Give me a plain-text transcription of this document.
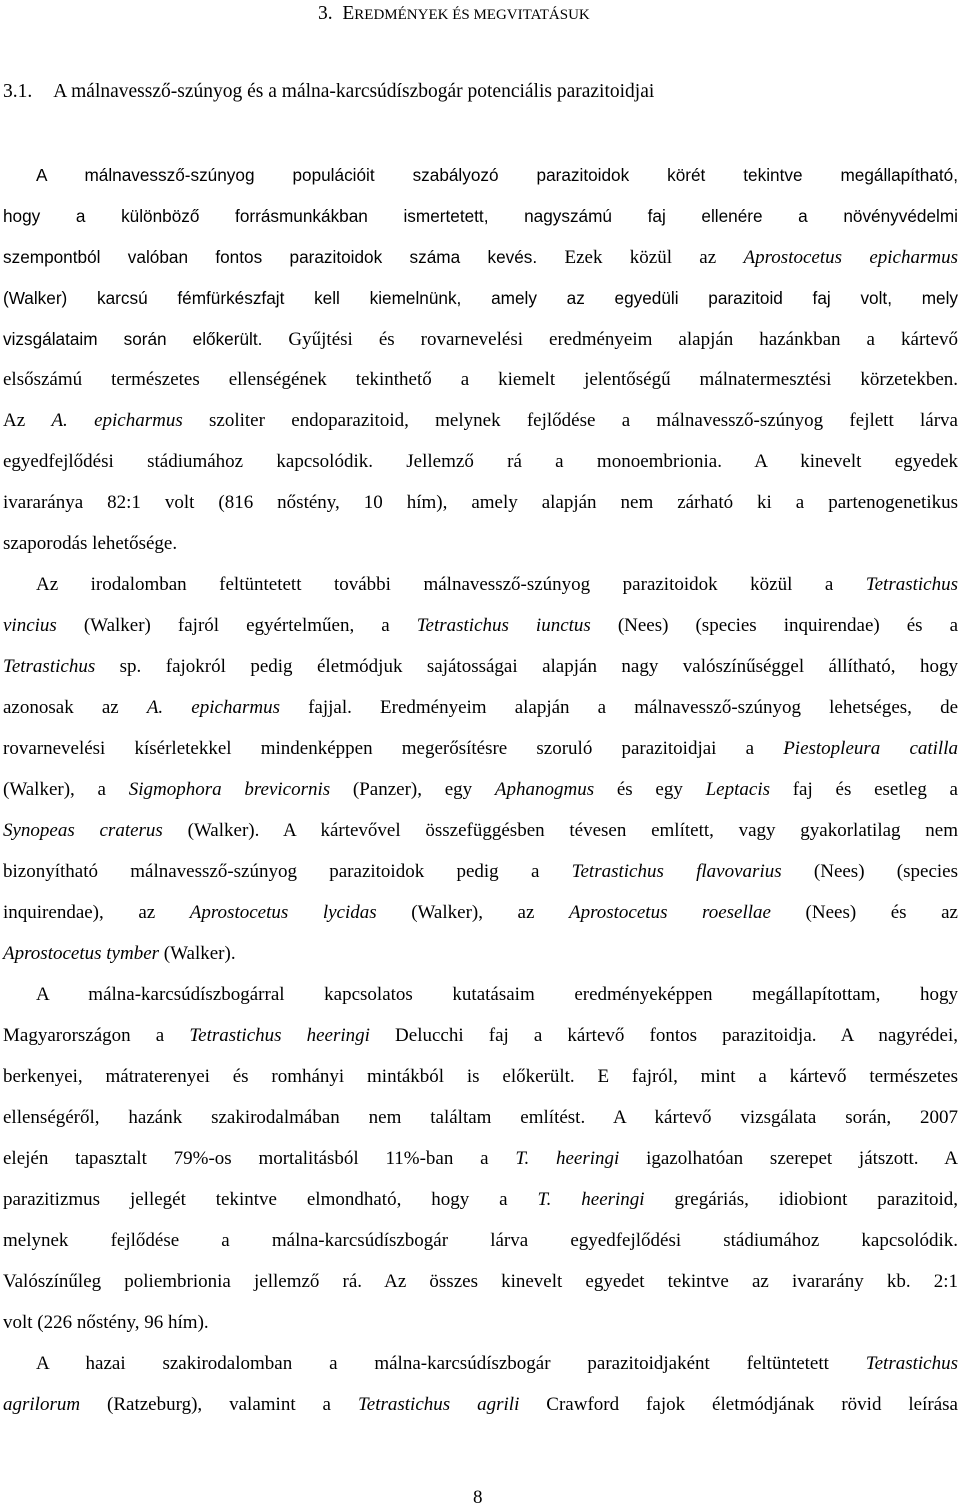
3. EREDMÉNYEK ÉS MEGVITATÁSUK
3.1. A málnavessző-szúnyog és a málna-karcsúdíszbogár potenciális parazitoidjai
A málnavessző-szúnyog populációit szabályozó parazitoidok körét tekintve megállapítható,
hogy a különböző forrásmunkákban ismertetett, nagyszámú faj ellenére a növényvédelmi
szempontból valóban fontos parazitoidok száma kevés. Ezek közül az Aprostocetus epicharmus
(Walker) karcsú fémfürkészfajt kell kiemelnünk, amely az egyedüli parazitoid faj volt, mely
vizsgálataim során előkerült. Gyűjtési és rovarnevelési eredményeim alapján hazánkban a kártevő
elsőszámú természetes ellenségének tekinthető a kiemelt jelentőségű málnatermesztési körzetekben.
Az A. epicharmus szoliter endoparazitoid, melynek fejlődése a málnavessző-szúnyog fejlett lárva
egyedfejlődési stádiumához kapcsolódik. Jellemző rá a monoembrionia. A kinevelt egyedek
ivararánya 82:1 volt (816 nőstény, 10 hím), amely alapján nem zárható ki a partenogenetikus
szaporodás lehetősége.
Az irodalomban feltüntetett további málnavessző-szúnyog parazitoidok közül a Tetrastichus
vincius (Walker) fajról egyértelműen, a Tetrastichus iunctus (Nees) (species inquirendae) és a
Tetrastichus sp. fajokról pedig életmódjuk sajátosságai alapján nagy valószínűséggel állítható, hogy
azonosak az A. epicharmus fajjal. Eredményeim alapján a málnavessző-szúnyog lehetséges, de
rovarnevelési kísérletekkel mindenképpen megerősítésre szoruló parazitoidjai a Piestopleura catilla
(Walker), a Sigmophora brevicornis (Panzer), egy Aphanogmus és egy Leptacis faj és esetleg a
Synopeas craterus (Walker). A kártevővel összefüggésben tévesen említett, vagy gyakorlatilag nem
bizonyítható málnavessző-szúnyog parazitoidok pedig a Tetrastichus flavovarius (Nees) (species
inquirendae), az Aprostocetus lycidas (Walker), az Aprostocetus roesellae (Nees) és az
Aprostocetus tymber (Walker).
A málna-karcsúdíszbogárral kapcsolatos kutatásaim eredményeképpen megállapítottam, hogy
Magyarországon a Tetrastichus heeringi Delucchi faj a kártevő fontos parazitoidja. A nagyrédei,
berkenyei, mátraterenyei és romhányi mintákból is előkerült. E fajról, mint a kártevő természetes
ellenségéről, hazánk szakirodalmában nem találtam említést. A kártevő vizsgálata során, 2007
elején tapasztalt 79%-os mortalitásból 11%-ban a T. heeringi igazolhatóan szerepet játszott. A
parazitizmus jellegét tekintve elmondható, hogy a T. heeringi gregáriás, idiobiont parazitoid,
melynek fejlődése a málna-karcsúdíszbogár lárva egyedfejlődési stádiumához kapcsolódik.
Valószínűleg poliembrionia jellemző rá. Az összes kinevelt egyedet tekintve az ivararány kb. 2:1
volt (226 nőstény, 96 hím).
A hazai szakirodalomban a málna-karcsúdíszbogár parazitoidjaként feltüntetett Tetrastichus
agrilorum (Ratzeburg), valamint a Tetrastichus agrili Crawford fajok életmódjának rövid leírása
8
